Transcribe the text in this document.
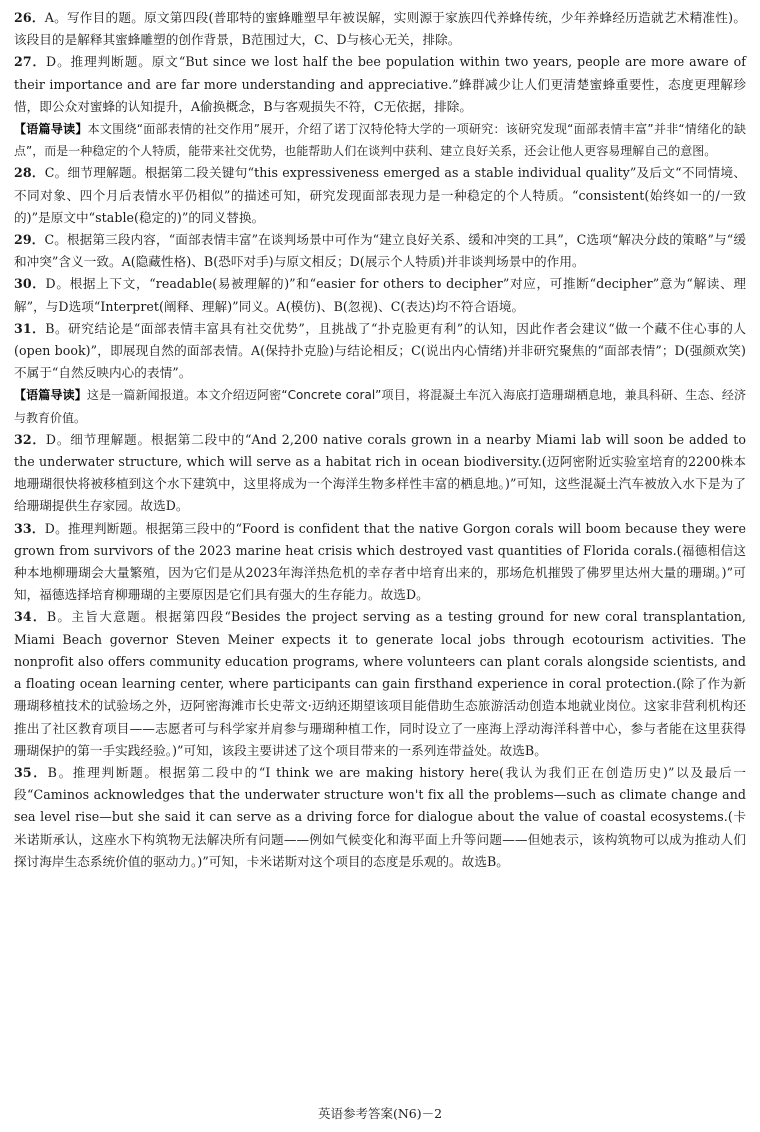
26．A。写作目的题。原文第四段(普耶特的蜜蜂雕塑早年被误解，实则源于家族四代养蜂传统，少年养蜂经历造就艺术精准性)。该段目的是解释其蜜蜂雕塑的创作背景，B范围过大，C、D与核心无关，排除。

27．D。推理判断题。原文“But since we lost half the bee population within two years, people are more aware of their importance and are far more understanding and appreciative.”蜂群减少让人们更清楚蜜蜂重要性，态度更理解珍惜，即公众对蜜蜂的认知提升，A偷换概念，B与客观损失不符，C无依据，排除。

【语篇导读】本文围绕“面部表情的社交作用”展开，介绍了诺丁汉特伦特大学的一项研究：该研究发现“面部表情丰富”并非“情绪化的缺点”，而是一种稳定的个人特质，能带来社交优势，也能帮助人们在谈判中获利、建立良好关系，还会让他人更容易理解自己的意图。

28．C。细节理解题。根据第二段关键句“this expressiveness emerged as a stable individual quality”及后文“不同情境、不同对象、四个月后表情水平仍相似”的描述可知，研究发现面部表现力是一种稳定的个人特质。“consistent(始终如一的/一致的)”是原文中“stable(稳定的)”的同义替换。

29．C。根据第三段内容，“面部表情丰富”在谈判场景中可作为“建立良好关系、缓和冲突的工具”，C选项“解决分歧的策略”与“缓和冲突”含义一致。A(隐藏性格)、B(恐吓对手)与原文相反；D(展示个人特质)并非谈判场景中的作用。

30．D。根据上下文，“readable(易被理解的)”和“easier for others to decipher”对应，可推断“decipher”意为“解读、理解”，与D选项“Interpret(阐释、理解)”同义。A(模仿)、B(忽视)、C(表达)均不符合语境。

31．B。研究结论是“面部表情丰富具有社交优势”，且挑战了“扑克脸更有利”的认知，因此作者会建议“做一个藏不住心事的人(open book)”，即展现自然的面部表情。A(保持扑克脸)与结论相反；C(说出内心情绪)并非研究聚焦的“面部表情”；D(强颜欢笑)不属于“自然反映内心的表情”。

【语篇导读】这是一篇新闻报道。本文介绍迈阿密“Concrete coral”项目，将混凝土车沉入海底打造珊瑚栖息地，兼具科研、生态、经济与教育价值。

32．D。细节理解题。根据第二段中的“And 2,200 native corals grown in a nearby Miami lab will soon be added to the underwater structure, which will serve as a habitat rich in ocean biodiversity.(迈阿密附近实验室培育的2200株本地珊瑚很快将被移植到这个水下建筑中，这里将成为一个海洋生物多样性丰富的栖息地。)”可知，这些混凝土汽车被放入水下是为了给珊瑚提供生存家园。故选D。

33．D。推理判断题。根据第三段中的“Foord is confident that the native Gorgon corals will boom because they were grown from survivors of the 2023 marine heat crisis which destroyed vast quantities of Florida corals.(福德相信这种本地柳珊瑚会大量繁殖，因为它们是从2023年海洋热危机的幸存者中培育出来的，那场危机摧毁了佛罗里达州大量的珊瑚。)”可知，福德选择培育柳珊瑚的主要原因是它们具有强大的生存能力。故选D。

34．B。主旨大意题。根据第四段“Besides the project serving as a testing ground for new coral transplantation, Miami Beach governor Steven Meiner expects it to generate local jobs through ecotourism activities. The nonprofit also offers community education programs, where volunteers can plant corals alongside scientists, and a floating ocean learning center, where participants can gain firsthand experience in coral protection.(除了作为新珊瑚移植技术的试验场之外，迈阿密海滩市长史蒂文·迈纳还期望该项目能借助生态旅游活动创造本地就业岗位。这家非营利机构还推出了社区教育项目——志愿者可与科学家并肩参与珊瑚种植工作，同时设立了一座海上浮动海洋科普中心，参与者能在这里获得珊瑚保护的第一手实践经验。)”可知，该段主要讲述了这个项目带来的一系列连带益处。故选B。

35．B。推理判断题。根据第二段中的“I think we are making history here(我认为我们正在创造历史)”以及最后一段“Caminos acknowledges that the underwater structure won't fix all the problems—such as climate change and sea level rise—but she said it can serve as a driving force for dialogue about the value of coastal ecosystems.(卡米诺斯承认，这座水下构筑物无法解决所有问题——例如气候变化和海平面上升等问题——但她表示，该构筑物可以成为推动人们探讨海岸生态系统价值的驱动力。)”可知，卡米诺斯对这个项目的态度是乐观的。故选B。

英语参考答案(N6)－2
